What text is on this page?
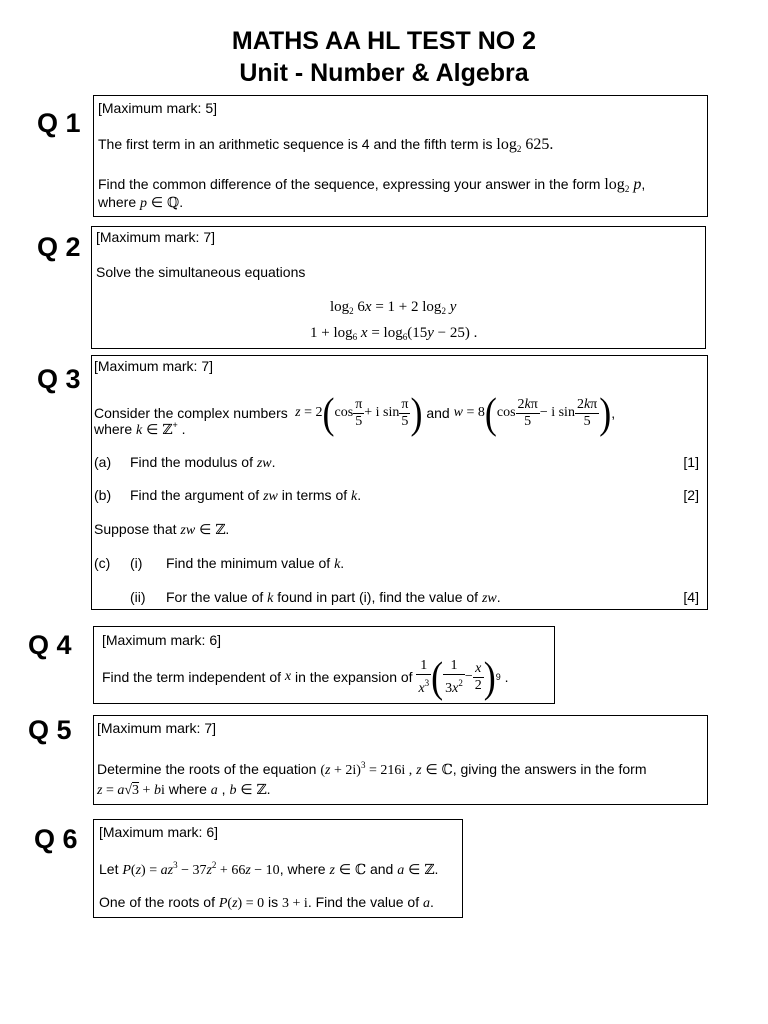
MATHS AA HL TEST NO 2
Unit - Number & Algebra
Q 1 [Maximum mark: 5]
The first term in an arithmetic sequence is 4 and the fifth term is $\log_2 625$.
Find the common difference of the sequence, expressing your answer in the form $\log_2 p$,
where p ∈ ℚ.
Q 2 [Maximum mark: 7]
Solve the simultaneous equations
$\log_2 6x = 1 + 2$ $\log_2 y$
$1 + \log_6 x = \log_6(15y - 25)$ .
Q 3 [Maximum mark: 7]
Consider the complex numbers
z = 2 ( $\cos \frac{\pi}{5} + i$ $\sin \frac{\pi}{5}$ )
and
w = 8 ( $\cos \frac{2k\pi}{5} - i$ $\sin \frac{2k\pi}{5}$ ) ,
where k ∈ ℤ+ .
(a) Find the modulus of zw.	[1]
(b) Find the argument of zw in terms of k.	[2]
Suppose that zw ∈ ℤ.
(c) (i) Find the minimum value of k.
(ii) For the value of k found in part (i), find the value of zw.	[4]
Q 4 [Maximum mark: 6]
Find the term independent of
x
in the expansion of
$\frac{1}{x^3}$ ( $\frac{1}{3x^2} - \frac{x}{2}$ ) 9 .
Q 5 [Maximum mark: 7]
Determine the roots of the equation $(z + 2i)^3 = 216i$ , z ∈ ℂ, giving the answers in the form
z = a√3 + bi where a , b ∈ ℤ.
Q 6 [Maximum mark: 6]
Let $P(z) = az^3 - 37z^2 + 66z - 10$, where z ∈ ℂ and a ∈ ℤ.
One of the roots of P(z) = 0 is 3 + i. Find the value of a.
